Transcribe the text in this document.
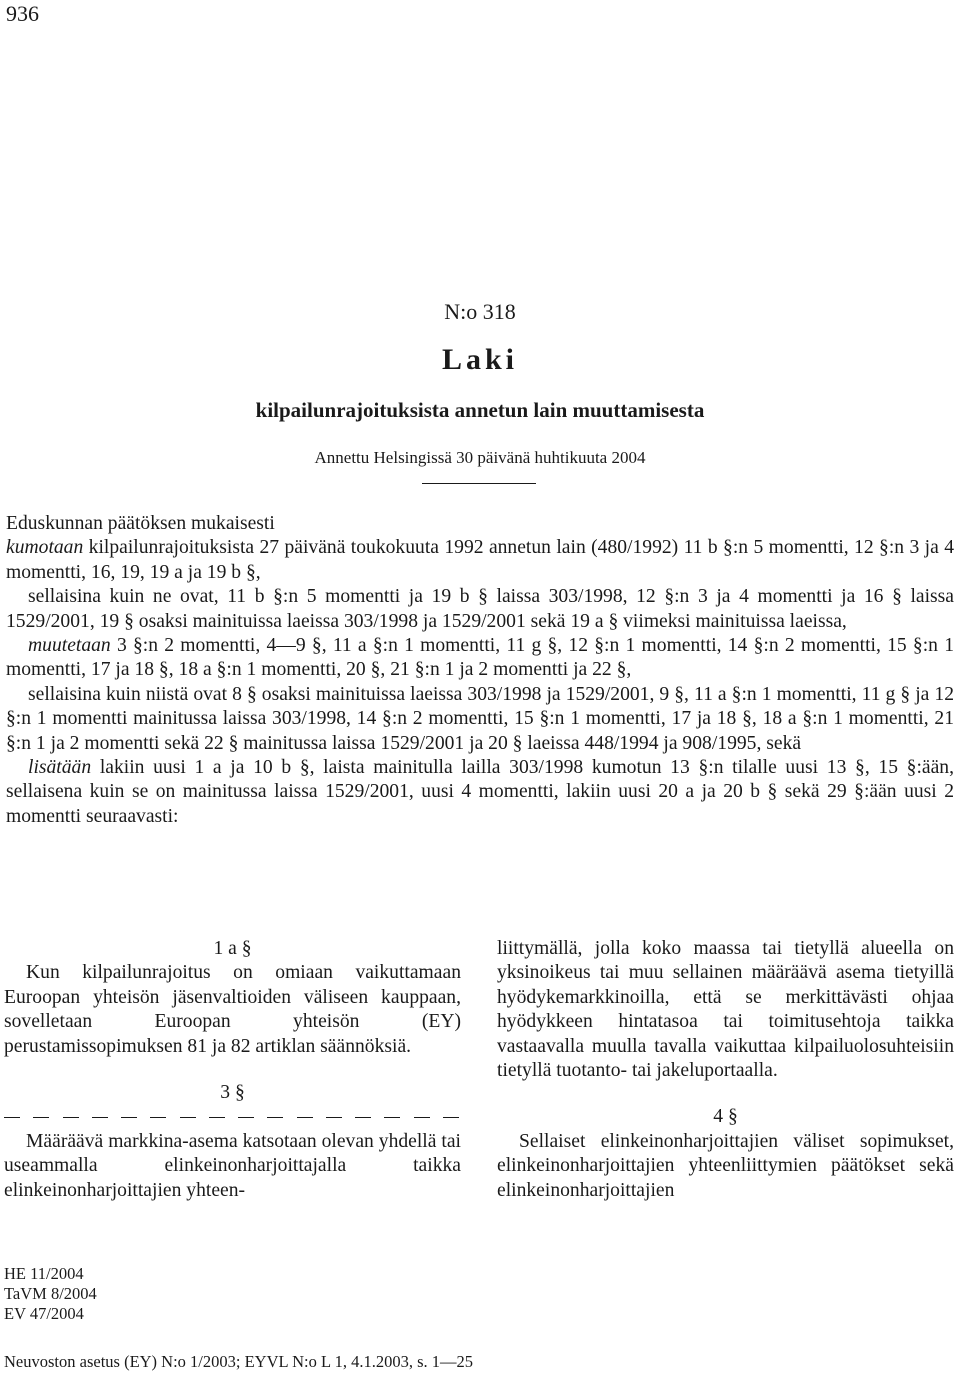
936
N:o 318
Laki
kilpailunrajoituksista annetun lain muuttamisesta
Annettu Helsingissä 30 päivänä huhtikuuta 2004

Eduskunnan päätöksen mukaisesti

kumotaan kilpailunrajoituksista 27 päivänä toukokuuta 1992 annetun lain (480/1992) 11 b §:n 5 momentti, 12 §:n 3 ja 4 momentti, 16, 19, 19 a ja 19 b §,

sellaisina kuin ne ovat, 11 b §:n 5 momentti ja 19 b § laissa 303/1998, 12 §:n 3 ja 4 momentti ja 16 § laissa 1529/2001, 19 § osaksi mainituissa laeissa 303/1998 ja 1529/2001 sekä 19 a § viimeksi mainituissa laeissa,

muutetaan 3 §:n 2 momentti, 4—9 §, 11 a §:n 1 momentti, 11 g §, 12 §:n 1 momentti, 14 §:n 2 momentti, 15 §:n 1 momentti, 17 ja 18 §, 18 a §:n 1 momentti, 20 §, 21 §:n 1 ja 2 momentti ja 22 §,

sellaisina kuin niistä ovat 8 § osaksi mainituissa laeissa 303/1998 ja 1529/2001, 9 §, 11 a §:n 1 momentti, 11 g § ja 12 §:n 1 momentti mainitussa laissa 303/1998, 14 §:n 2 momentti, 15 §:n 1 momentti, 17 ja 18 §, 18 a §:n 1 momentti, 21 §:n 1 ja 2 momentti sekä 22 § mainitussa laissa 1529/2001 ja 20 § laeissa 448/1994 ja 908/1995, sekä

lisätään lakiin uusi 1 a ja 10 b §, laista mainitulla lailla 303/1998 kumotun 13 §:n tilalle uusi 13 §, 15 §:ään, sellaisena kuin se on mainitussa laissa 1529/2001, uusi 4 momentti, lakiin uusi 20 a ja 20 b § sekä 29 §:ään uusi 2 momentti seuraavasti:

1 a §

Kun kilpailunrajoitus on omiaan vaikuttamaan Euroopan yhteisön jäsenvaltioiden väliseen kauppaan, sovelletaan Euroopan yhteisön (EY) perustamissopimuksen 81 ja 82 artiklan säännöksiä.

3 §

Määräävä markkina-asema katsotaan olevan yhdellä tai useammalla elinkeinonharjoittajalla taikka elinkeinonharjoittajien yhteen-

liittymällä, jolla koko maassa tai tietyllä alueella on yksinoikeus tai muu sellainen määräävä asema tietyillä hyödykemarkkinoilla, että se merkittävästi ohjaa hyödykkeen hintatasoa tai toimitusehtoja taikka vastaavalla muulla tavalla vaikuttaa kilpailuolosuhteisiin tietyllä tuotanto- tai jakeluportaalla.

4 §

Sellaiset elinkeinonharjoittajien väliset sopimukset, elinkeinonharjoittajien yhteenliittymien päätökset sekä elinkeinonharjoittajien

HE 11/2004
TaVM 8/2004
EV 47/2004
Neuvoston asetus (EY) N:o 1/2003; EYVL N:o L 1, 4.1.2003, s. 1—25
